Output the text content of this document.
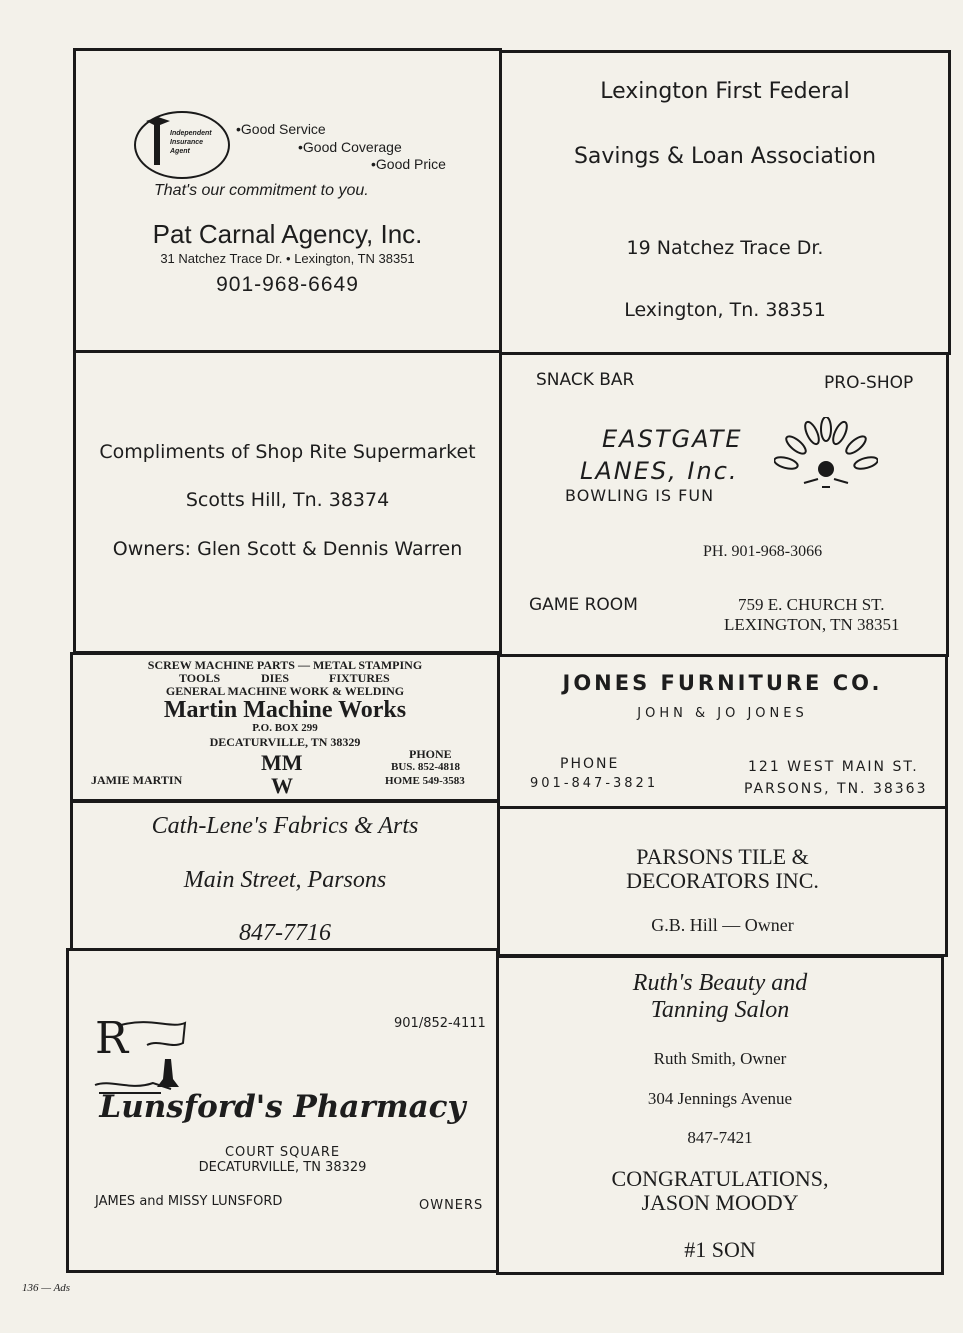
Independent Insurance Agent
•Good Service
•Good Coverage
•Good Price
That's our commitment to you.
Pat Carnal Agency, Inc.
31 Natchez Trace Dr. • Lexington, TN 38351
901-968-6649
Lexington First Federal
Savings & Loan Association
19 Natchez Trace Dr.
Lexington, Tn. 38351
Compliments of Shop Rite Supermarket
Scotts Hill, Tn. 38374
Owners: Glen Scott & Dennis Warren
SNACK BAR	PRO-SHOP
EASTGATE
LANES, Inc.
BOWLING IS FUN
PH. 901-968-3066
GAME ROOM	759 E. CHURCH ST.
LEXINGTON, TN 38351
SCREW MACHINE PARTS — METAL STAMPING
TOOLS	DIES	FIXTURES
GENERAL MACHINE WORK & WELDING
Martin Machine Works
P.O. BOX 299
DECATURVILLE, TN 38329
PHONE
BUS. 852-4818
HOME 549-3583
JAMIE MARTIN
MM
W
JONES FURNITURE CO.
JOHN & JO JONES
PHONE
901-847-3821
121 WEST MAIN ST.
PARSONS, TN. 38363
Cath-Lene's Fabrics & Arts
Main Street, Parsons
847-7716
PARSONS TILE &
DECORATORS INC.
G.B. Hill — Owner
R	901/852-4111
Lunsford's Pharmacy
COURT SQUARE
DECATURVILLE, TN 38329
JAMES and MISSY LUNSFORD	OWNERS
Ruth's Beauty and
Tanning Salon
Ruth Smith, Owner
304 Jennings Avenue
847-7421
CONGRATULATIONS,
JASON MOODY
#1 SON
136 — Ads
